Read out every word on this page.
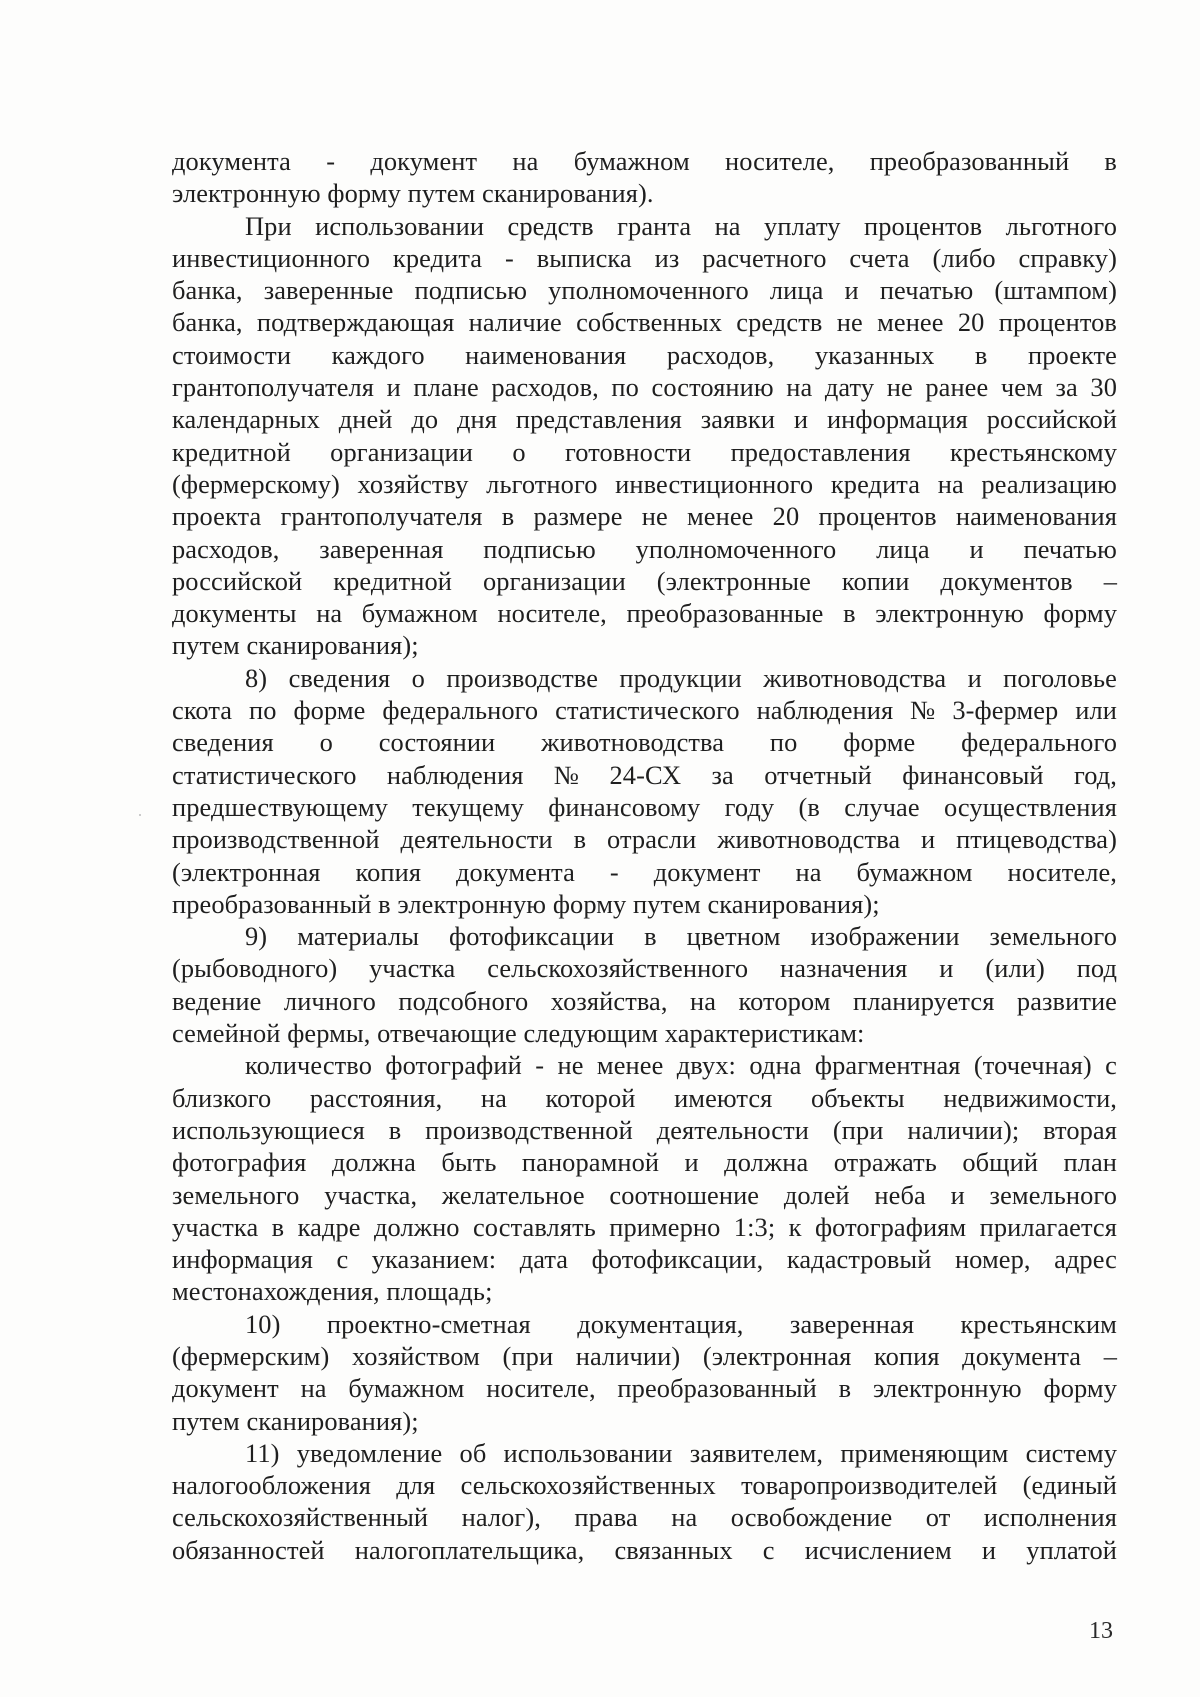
документа - документ на бумажном носителе, преобразованный в
электронную форму путем сканирования).
При использовании средств гранта на уплату процентов льготного
инвестиционного кредита - выписка из расчетного счета (либо справку)
банка, заверенные подписью уполномоченного лица и печатью (штампом)
банка, подтверждающая наличие собственных средств не менее 20 процентов
стоимости каждого наименования расходов, указанных в проекте
грантополучателя и плане расходов, по состоянию на дату не ранее чем за 30
календарных дней до дня представления заявки и информация российской
кредитной организации о готовности предоставления крестьянскому
(фермерскому) хозяйству льготного инвестиционного кредита на реализацию
проекта грантополучателя в размере не менее 20 процентов наименования
расходов, заверенная подписью уполномоченного лица и печатью
российской кредитной организации (электронные копии документов –
документы на бумажном носителе, преобразованные в электронную форму
путем сканирования);
8) сведения о производстве продукции животноводства и поголовье
скота по форме федерального статистического наблюдения № 3-фермер или
сведения о состоянии животноводства по форме федерального
статистического наблюдения № 24-СХ за отчетный финансовый год,
предшествующему текущему финансовому году (в случае осуществления
производственной деятельности в отрасли животноводства и птицеводства)
(электронная копия документа - документ на бумажном носителе,
преобразованный в электронную форму путем сканирования);
9) материалы фотофиксации в цветном изображении земельного
(рыбоводного) участка сельскохозяйственного назначения и (или) под
ведение личного подсобного хозяйства, на котором планируется развитие
семейной фермы, отвечающие следующим характеристикам:
количество фотографий - не менее двух: одна фрагментная (точечная) с
близкого расстояния, на которой имеются объекты недвижимости,
использующиеся в производственной деятельности (при наличии); вторая
фотография должна быть панорамной и должна отражать общий план
земельного участка, желательное соотношение долей неба и земельного
участка в кадре должно составлять примерно 1:3; к фотографиям прилагается
информация с указанием: дата фотофиксации, кадастровый номер, адрес
местонахождения, площадь;
10) проектно-сметная документация, заверенная крестьянским
(фермерским) хозяйством (при наличии) (электронная копия документа –
документ на бумажном носителе, преобразованный в электронную форму
путем сканирования);
11) уведомление об использовании заявителем, применяющим систему
налогообложения для сельскохозяйственных товаропроизводителей (единый
сельскохозяйственный налог), права на освобождение от исполнения
обязанностей налогоплательщика, связанных с исчислением и уплатой
13
